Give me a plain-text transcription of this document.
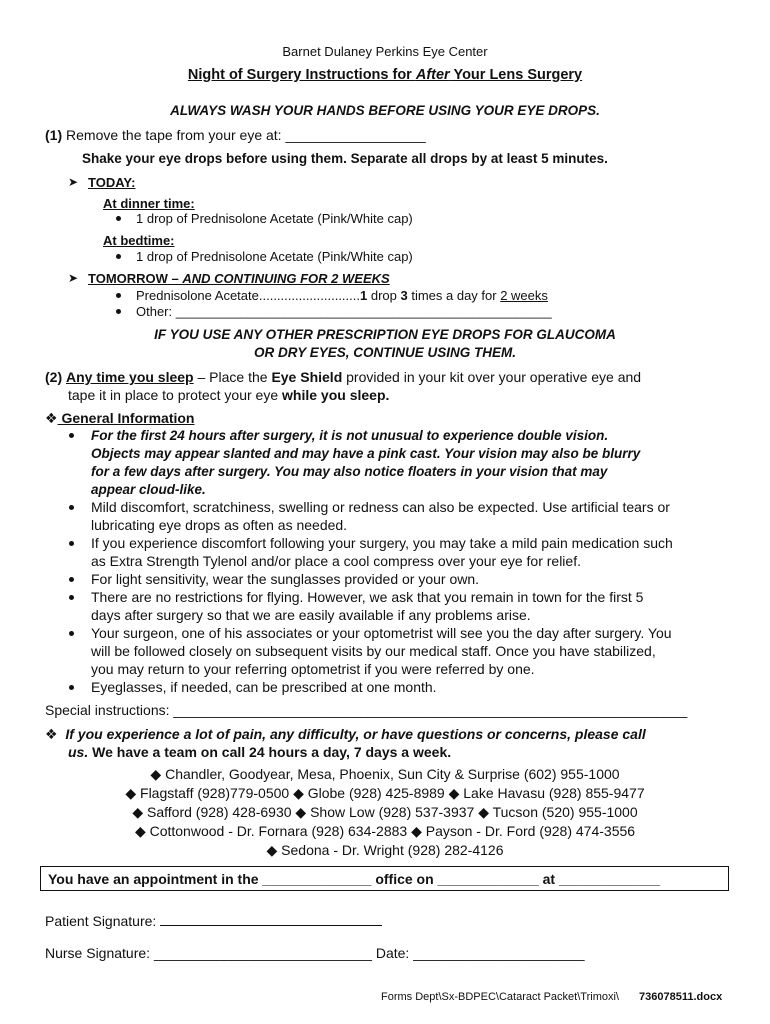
Barnet Dulaney Perkins Eye Center
Night of Surgery Instructions for After Your Lens Surgery
ALWAYS WASH YOUR HANDS BEFORE USING YOUR EYE DROPS.
(1) Remove the tape from your eye at: __________________
Shake your eye drops before using them. Separate all drops by at least 5 minutes.
➤ TODAY:
At dinner time:
1 drop of Prednisolone Acetate (Pink/White cap)
At bedtime:
1 drop of Prednisolone Acetate (Pink/White cap)
➤ TOMORROW – AND CONTINUING FOR 2 WEEKS
Prednisolone Acetate............................1 drop 3 times a day for 2 weeks
Other: ____________________________________________________
IF YOU USE ANY OTHER PRESCRIPTION EYE DROPS FOR GLAUCOMA
OR DRY EYES, CONTINUE USING THEM.
(2) Any time you sleep – Place the Eye Shield provided in your kit over your operative eye and
tape it in place to protect your eye while you sleep.
❖ General Information
For the first 24 hours after surgery, it is not unusual to experience double vision.
Objects may appear slanted and may have a pink cast. Your vision may also be blurry
for a few days after surgery. You may also notice floaters in your vision that may
appear cloud-like.
Mild discomfort, scratchiness, swelling or redness can also be expected. Use artificial tears or
lubricating eye drops as often as needed.
If you experience discomfort following your surgery, you may take a mild pain medication such
as Extra Strength Tylenol and/or place a cool compress over your eye for relief.
For light sensitivity, wear the sunglasses provided or your own.
There are no restrictions for flying. However, we ask that you remain in town for the first 5
days after surgery so that we are easily available if any problems arise.
Your surgeon, one of his associates or your optometrist will see you the day after surgery. You
will be followed closely on subsequent visits by our medical staff. Once you have stabilized,
you may return to your referring optometrist if you were referred by one.
Eyeglasses, if needed, can be prescribed at one month.
Special instructions: __________________________________________________________________
❖ If you experience a lot of pain, any difficulty, or have questions or concerns, please call
us. We have a team on call 24 hours a day, 7 days a week.
◆ Chandler, Goodyear, Mesa, Phoenix, Sun City & Surprise (602) 955-1000
◆ Flagstaff (928)779-0500 ◆ Globe (928) 425-8989 ◆ Lake Havasu (928) 855-9477
◆ Safford (928) 428-6930 ◆ Show Low (928) 537-3937 ◆ Tucson (520) 955-1000
◆ Cottonwood - Dr. Fornara (928) 634-2883 ◆ Payson - Dr. Ford (928) 474-3556
◆ Sedona - Dr. Wright (928) 282-4126
You have an appointment in the ______________ office on _____________ at _____________
Patient Signature:
Nurse Signature: ____________________________ Date: ______________________
Forms Dept\Sx-BDPEC\Cataract Packet\Trimoxi\ 736078511.docx
